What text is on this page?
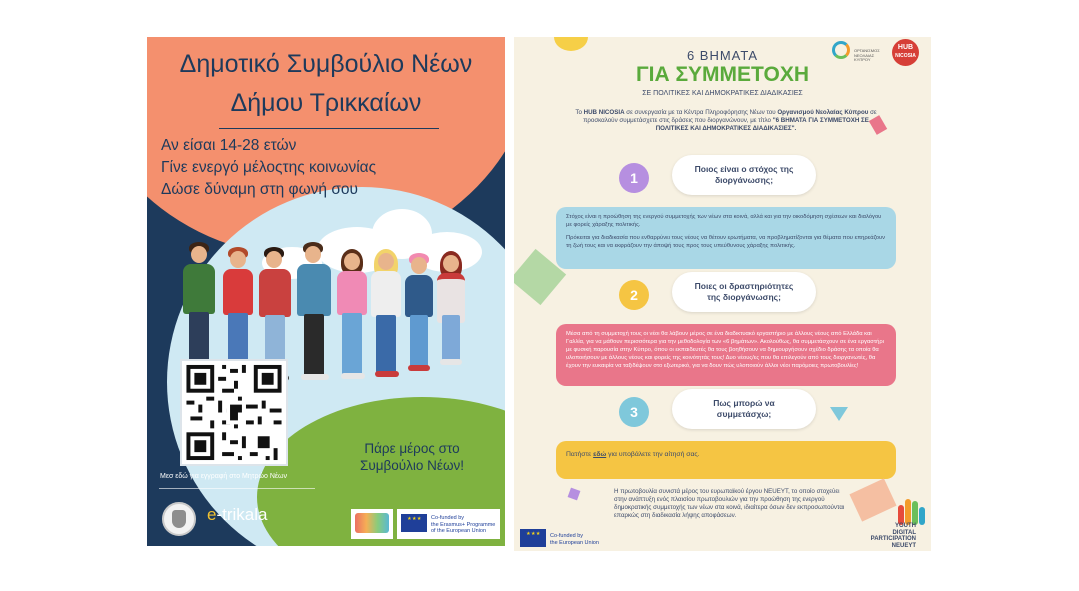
Δημοτικό Συμβούλιο Νέων
Δήμου Τρικκαίων
Αν είσαι 14-28 ετών
Γίνε ενεργό μέλοςτης κοινωνίας
Δώσε δύναμη στη φωνή σου
Πάρε μέρος στο
Συμβούλιο Νέων!
Μεσ εδώ για εγγραφή στο Μητρώο Νέων
e-trikala
★ ★ ★	Co-funded by
the Erasmus+ Programme
of the European Union
ΟΡΓΑΝΙΣΜΟΣ
ΝΕΟΛΑΙΑΣ
ΚΥΠΡΟΥ
HUB
NICOSIA
6 ΒΗΜΑΤΑ
ΓΙΑ ΣΥΜΜΕΤΟΧΗ
ΣΕ ΠΟΛΙΤΙΚΕΣ ΚΑΙ ΔΗΜΟΚΡΑΤΙΚΕΣ ΔΙΑΔΙΚΑΣΙΕΣ
Το HUB NICOSIA σε συνεργασία με τα Κέντρα Πληροφόρησης Νέων του Οργανισμού Νεολαίας Κύπρου σε προσκαλούν συμμετάσχετε στις δράσεις που διοργανώνουν, με τίτλο "6 ΒΗΜΑΤΑ ΓΙΑ ΣΥΜΜΕΤΟΧΗ ΣΕ ΠΟΛΙΤΙΚΕΣ ΚΑΙ ΔΗΜΟΚΡΑΤΙΚΕΣ ΔΙΑΔΙΚΑΣΙΕΣ".
1
Ποιος είναι ο στόχος της
διοργάνωσης;
Στόχος είναι η προώθηση της ενεργού συμμετοχής των νέων στα κοινά, αλλά και για την οικοδόμηση σχέσεων και διαλόγου με φορείς χάραξης πολιτικής.
Πρόκειται για διαδικασία που ενθαρρύνει τους νέους να θέτουν ερωτήματα, να προβληματίζονται για θέματα που επηρεάζουν τη ζωή τους και να εκφράζουν την άποψή τους προς τους υπεύθυνους χάραξης πολιτικής.
2
Ποιες οι δραστηριότητες
της διοργάνωσης;
Μέσα από τη συμμετοχή τους οι νέοι θα λάβουν μέρος σε ένα διαδικτυακό εργαστήριο με άλλους νέους από Ελλάδα και Γαλλία, για να μάθουν περισσότερα για την μεθοδολογία των «6 βημάτων». Ακολούθως, θα συμμετάσχουν σε ένα εργαστήρι με φυσική παρουσία στην Κύπρο, όπου οι εκπαιδευτές θα τους βοηθήσουν να δημιουργήσουν σχέδιο δράσης τα οποία θα υλοποιήσουν με άλλους νέους και φορείς της κοινότητάς τους! Δυο νέους/ες που θα επιλεγούν από τους διοργανωτές, θα έχουν την ευκαιρία να ταξιδέψουν στο εξωτερικό, για να δουν πώς υλοποιούν άλλοι νέοι παρόμοιες πρωτοβουλίες!
3
Πως μπορώ να
συμμετάσχω;
Πατήστε εδώ για υποβάλετε την αίτησή σας.
Η πρωτοβουλία συνιστά μέρος του ευρωπαϊκού έργου NEUEYT, το οποίο στοχεύει στην ανάπτυξη ενός πλαισίου πρωτοβουλιών για την προώθηση της ενεργού δημοκρατικής συμμετοχής των νέων στα κοινά, ιδιαίτερα όσων δεν εκπροσωπούνται επαρκώς στη διαδικασία λήψης αποφάσεων.
YOUTH
DIGITAL
PARTICIPATION NEUEYT
★ ★ ★
Co-funded by
the European Union
